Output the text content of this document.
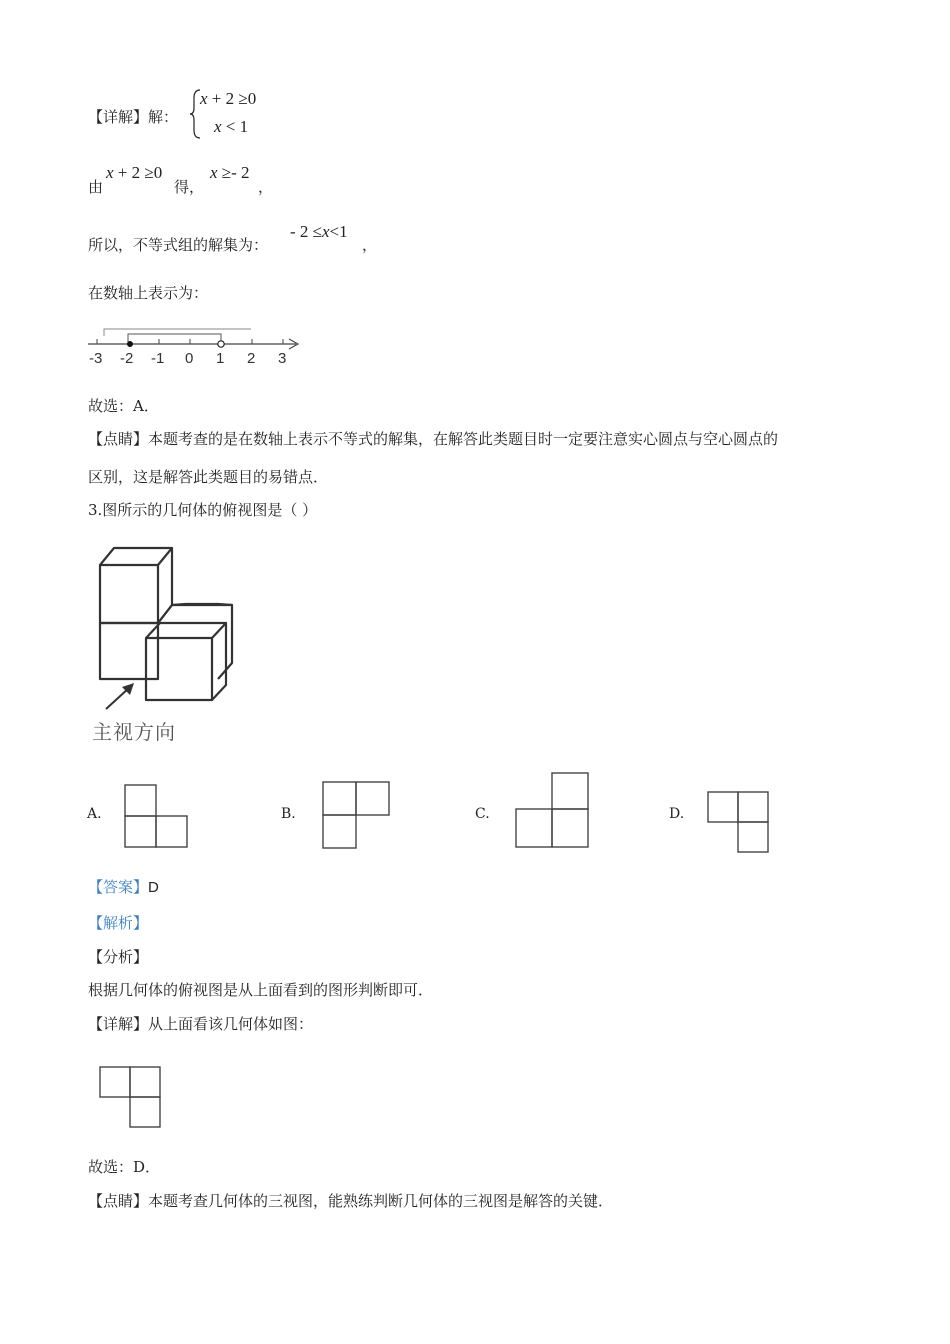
【详解】解：
x + 2 ≥0
x < 1
由
x + 2 ≥0
得，
x ≥- 2
，
所以，不等式组的解集为：
- 2 ≤x<1
，
在数轴上表示为：
-3 -2 -1 0 1 2 3
故选：A．
【点睛】本题考查的是在数轴上表示不等式的解集，在解答此类题目时一定要注意实心圆点与空心圆点的
区别，这是解答此类题目的易错点．
3.图所示的几何体的俯视图是（ ）
主视方向
A.	B.	C.	D.
【答案】D
【解析】
【分析】
根据几何体的俯视图是从上面看到的图形判断即可．
【详解】从上面看该几何体如图：
故选：D．
【点睛】本题考查几何体的三视图，能熟练判断几何体的三视图是解答的关键．
